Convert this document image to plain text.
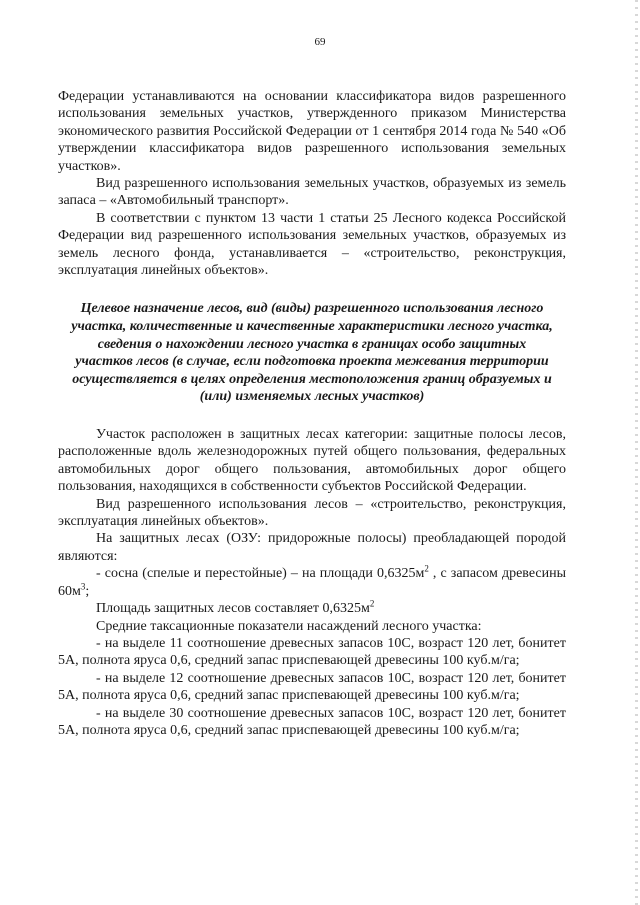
69

Федерации устанавливаются на основании классификатора видов разрешенного использования земельных участков, утвержденного приказом Министерства экономического развития Российской Федерации от 1 сентября 2014 года № 540 «Об утверждении классификатора видов разрешенного использования земельных участков».

Вид разрешенного использования земельных участков, образуемых из земель запаса – «Автомобильный транспорт».

В соответствии с пунктом 13 части 1 статьи 25 Лесного кодекса Российской Федерации вид разрешенного использования земельных участков, образуемых из земель лесного фонда, устанавливается – «строительство, реконструкция, эксплуатация линейных объектов».

Целевое назначение лесов, вид (виды) разрешенного использования лесного участка, количественные и качественные характеристики лесного участка, сведения о нахождении лесного участка в границах особо защитных участков лесов (в случае, если подготовка проекта межевания территории осуществляется в целях определения местоположения границ образуемых и (или) изменяемых лесных участков)

Участок расположен в защитных лесах категории: защитные полосы лесов, расположенные вдоль железнодорожных путей общего пользования, федеральных автомобильных дорог общего пользования, автомобильных дорог общего пользования, находящихся в собственности субъектов Российской Федерации.

Вид разрешенного использования лесов – «строительство, реконструкция, эксплуатация линейных объектов».

На защитных лесах (ОЗУ: придорожные полосы) преобладающей породой являются:

- сосна (спелые и перестойные) – на площади $0,6325м^2$ , с запасом древесины $60м^3$;

Площадь защитных лесов составляет $0,6325м^2$

Средние таксационные показатели насаждений лесного участка:

- на выделе 11 соотношение древесных запасов 10С, возраст 120 лет, бонитет 5А, полнота яруса 0,6, средний запас приспевающей древесины 100 куб.м/га;

- на выделе 12 соотношение древесных запасов 10С, возраст 120 лет, бонитет 5А, полнота яруса 0,6, средний запас приспевающей древесины 100 куб.м/га;

- на выделе 30 соотношение древесных запасов 10С, возраст 120 лет, бонитет 5А, полнота яруса 0,6, средний запас приспевающей древесины 100 куб.м/га;
